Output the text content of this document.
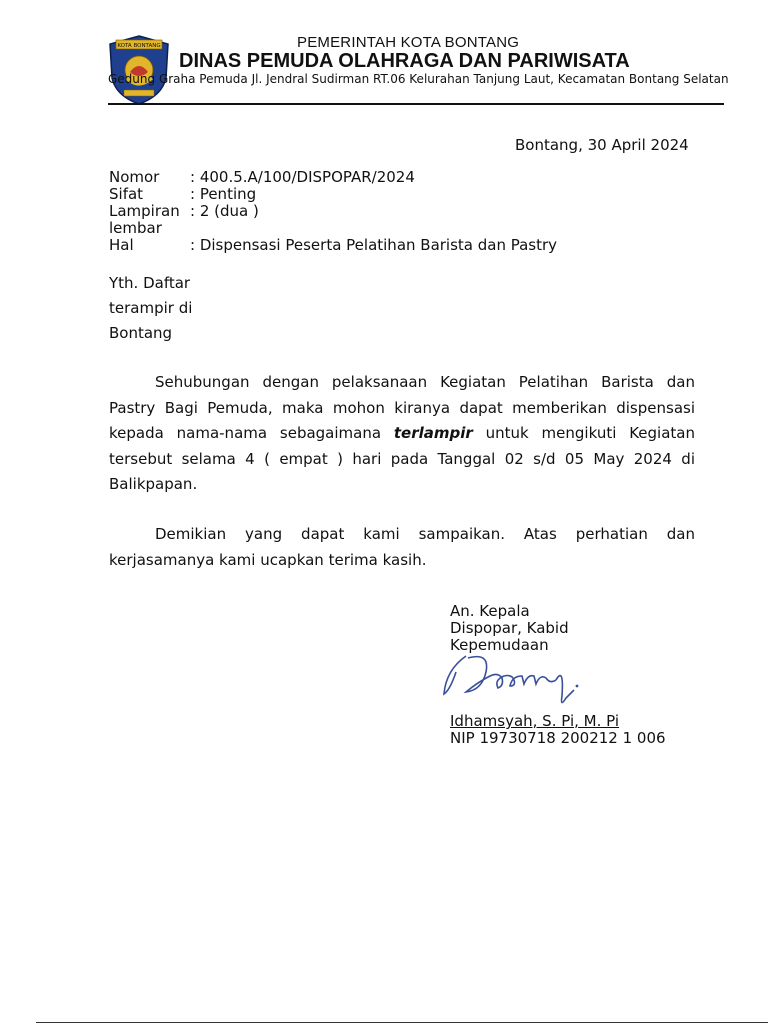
KOTA BONTANG	PEMERINTAH KOTA BONTANG
DINAS PEMUDA OLAHRAGA DAN PARIWISATA
Gedung Graha Pemuda Jl. Jendral Sudirman RT.06 Kelurahan Tanjung Laut, Kecamatan Bontang Selatan
Bontang, 30 April 2024
Nomor : 400.5.A/100/DISPOPAR/2024
Sifat	: Penting
Lampiran : 2 (dua )
lembar
Hal	: Dispensasi Peserta Pelatihan Barista dan Pastry
Yth. Daftar
terampir di
Bontang
Sehubungan dengan pelaksanaan Kegiatan Pelatihan Barista dan Pastry Bagi Pemuda, maka mohon kiranya dapat memberikan dispensasi kepada nama-nama sebagaimana terlampir untuk mengikuti Kegiatan tersebut selama 4 ( empat ) hari pada Tanggal 02 s/d 05 May 2024 di Balikpapan.
Demikian yang dapat kami sampaikan. Atas perhatian dan kerjasamanya kami ucapkan terima kasih.
An. Kepala
Dispopar, Kabid
Kepemudaan
Idhamsyah, S. Pi, M. Pi
NIP 19730718 200212 1 006
